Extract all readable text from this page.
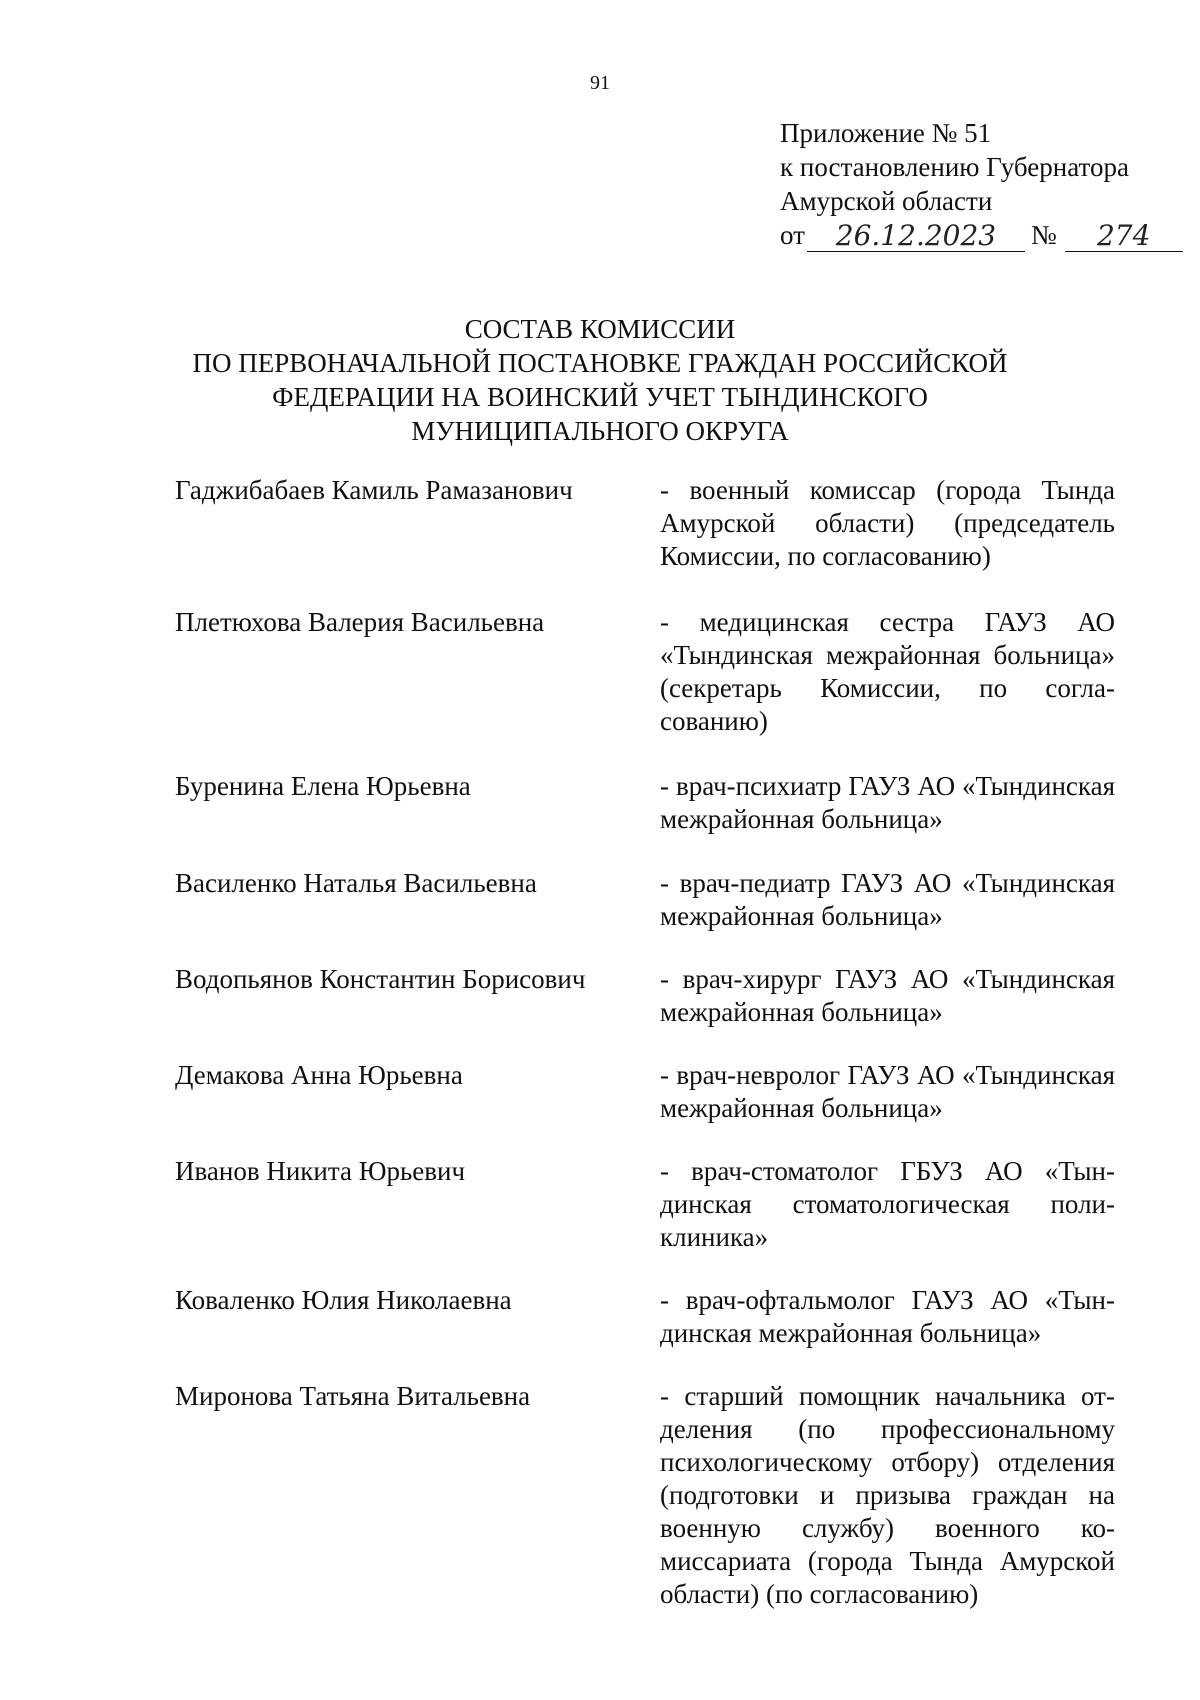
91
Приложение № 51
к постановлению Губернатора
Амурской области
от	26.12.2023	№	274
СОСТАВ КОМИССИИ
ПО ПЕРВОНАЧАЛЬНОЙ ПОСТАНОВКЕ ГРАЖДАН РОССИЙСКОЙ
ФЕДЕРАЦИИ НА ВОИНСКИЙ УЧЕТ ТЫНДИНСКОГО
МУНИЦИПАЛЬНОГО ОКРУГА
Гаджибабаев Камиль Рамазанович	- военный комиссар (города Тында Амурской области) (председатель Комиссии, по согласованию)
Плетюхова Валерия Васильевна	- медицинская сестра ГАУЗ АО «Тындинская межрайонная больница» (секретарь Комиссии, по согласованию)
Буренина Елена Юрьевна	- врач-психиатр ГАУЗ АО «Тындинская межрайонная больница»
Василенко Наталья Васильевна	- врач-педиатр ГАУЗ АО «Тындинская межрайонная больница»
Водопьянов Константин Борисович	- врач-хирург ГАУЗ АО «Тындинская межрайонная больница»
Демакова Анна Юрьевна	- врач-невролог ГАУЗ АО «Тындинская межрайонная больница»
Иванов Никита Юрьевич	- врач-стоматолог ГБУЗ АО «Тындинская стоматологическая поликлиника»
Коваленко Юлия Николаевна	- врач-офтальмолог ГАУЗ АО «Тындинская межрайонная больница»
Миронова Татьяна Витальевна	- старший помощник начальника отделения (по профессиональному психологическому отбору) отделения (подготовки и призыва граждан на военную службу) военного комиссариата (города Тында Амурской области) (по согласованию)
